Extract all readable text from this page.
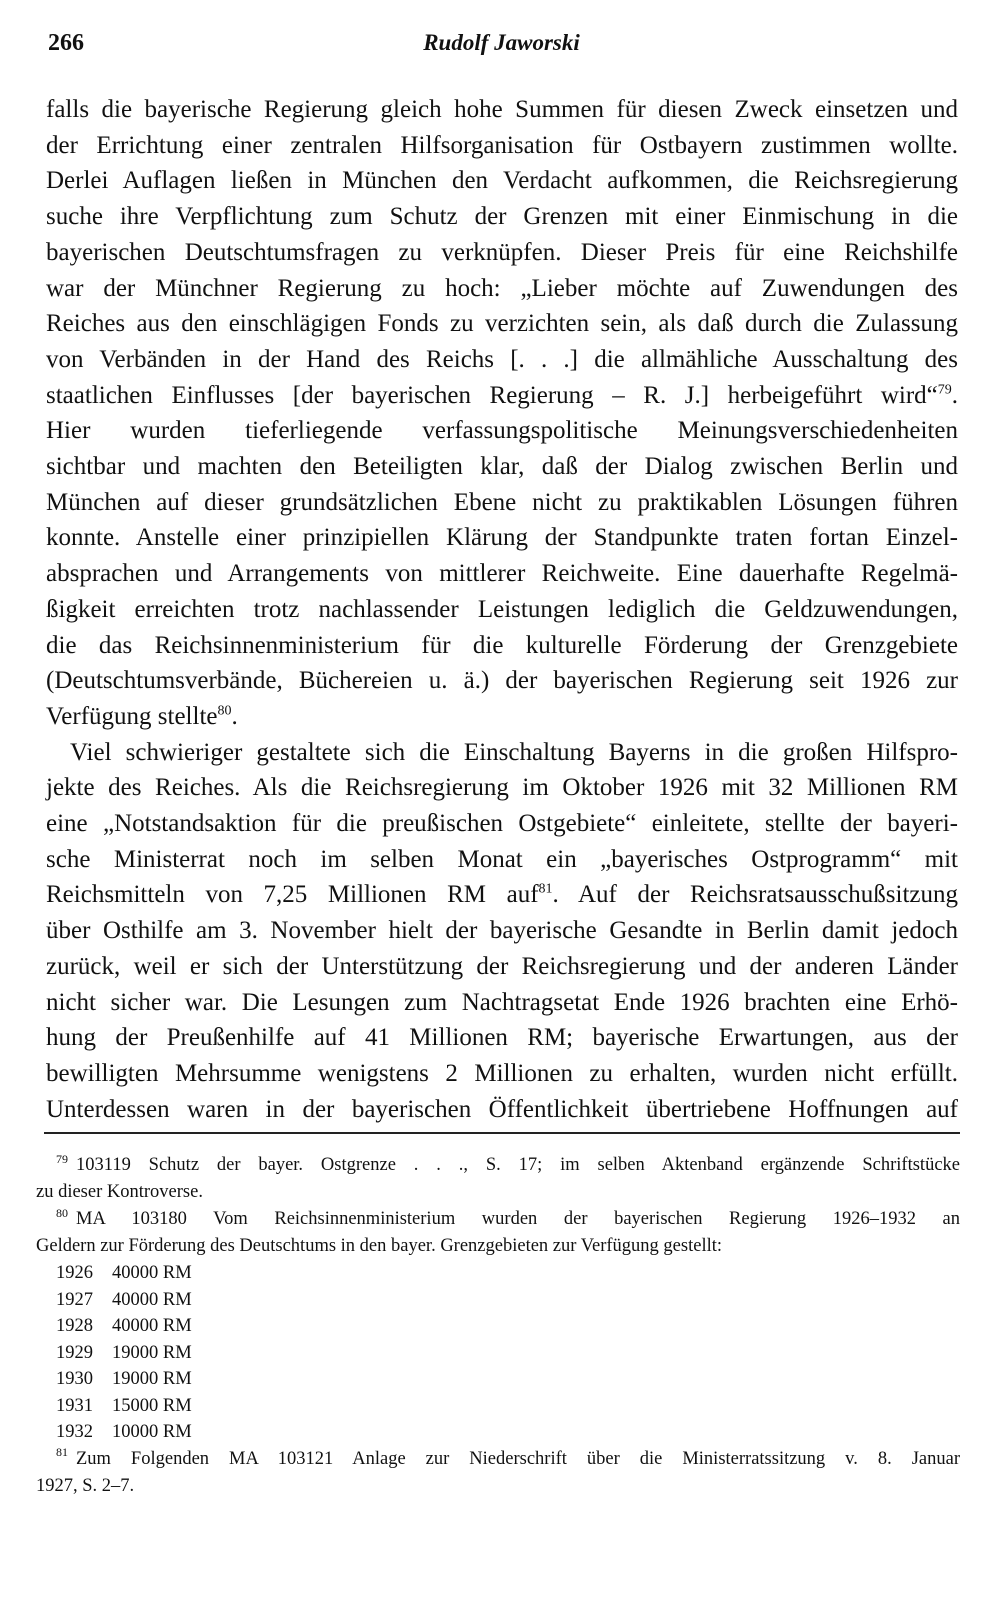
266	Rudolf Jaworski
falls die bayerische Regierung gleich hohe Summen für diesen Zweck einsetzen und
der Errichtung einer zentralen Hilfsorganisation für Ostbayern zustimmen wollte.
Derlei Auflagen ließen in München den Verdacht aufkommen, die Reichsregierung
suche ihre Verpflichtung zum Schutz der Grenzen mit einer Einmischung in die
bayerischen Deutschtumsfragen zu verknüpfen. Dieser Preis für eine Reichshilfe
war der Münchner Regierung zu hoch: „Lieber möchte auf Zuwendungen des
Reiches aus den einschlägigen Fonds zu verzichten sein, als daß durch die Zulassung
von Verbänden in der Hand des Reichs [. . .] die allmähliche Ausschaltung des
staatlichen Einflusses [der bayerischen Regierung – R. J.] herbeigeführt wird“$^{79}$.
Hier wurden tieferliegende verfassungspolitische Meinungsverschiedenheiten
sichtbar und machten den Beteiligten klar, daß der Dialog zwischen Berlin und
München auf dieser grundsätzlichen Ebene nicht zu praktikablen Lösungen führen
konnte. Anstelle einer prinzipiellen Klärung der Standpunkte traten fortan Einzel-
absprachen und Arrangements von mittlerer Reichweite. Eine dauerhafte Regelmä-
ßigkeit erreichten trotz nachlassender Leistungen lediglich die Geldzuwendungen,
die das Reichsinnenministerium für die kulturelle Förderung der Grenzgebiete
(Deutschtumsverbände, Büchereien u. ä.) der bayerischen Regierung seit 1926 zur
Verfügung stellte$^{80}$.
Viel schwieriger gestaltete sich die Einschaltung Bayerns in die großen Hilfspro-
jekte des Reiches. Als die Reichsregierung im Oktober 1926 mit 32 Millionen RM
eine „Notstandsaktion für die preußischen Ostgebiete“ einleitete, stellte der bayeri-
sche Ministerrat noch im selben Monat ein „bayerisches Ostprogramm“ mit
Reichsmitteln von 7,25 Millionen RM auf$^{81}$. Auf der Reichsratsausschußsitzung
über Osthilfe am 3. November hielt der bayerische Gesandte in Berlin damit jedoch
zurück, weil er sich der Unterstützung der Reichsregierung und der anderen Länder
nicht sicher war. Die Lesungen zum Nachtragsetat Ende 1926 brachten eine Erhö-
hung der Preußenhilfe auf 41 Millionen RM; bayerische Erwartungen, aus der
bewilligten Mehrsumme wenigstens 2 Millionen zu erhalten, wurden nicht erfüllt.
Unterdessen waren in der bayerischen Öffentlichkeit übertriebene Hoffnungen auf
$^{79}$ 103119 Schutz der bayer. Ostgrenze . . ., S. 17; im selben Aktenband ergänzende Schriftstücke
zu dieser Kontroverse.
$^{80}$ MA 103180 Vom Reichsinnenministerium wurden der bayerischen Regierung 1926–1932 an
Geldern zur Förderung des Deutschtums in den bayer. Grenzgebieten zur Verfügung gestellt:
1926 40000 RM
1927 40000 RM
1928 40000 RM
1929 19000 RM
1930 19000 RM
1931 15000 RM
1932 10000 RM
$^{81}$ Zum Folgenden MA 103121 Anlage zur Niederschrift über die Ministerratssitzung v. 8. Januar
1927, S. 2–7.
